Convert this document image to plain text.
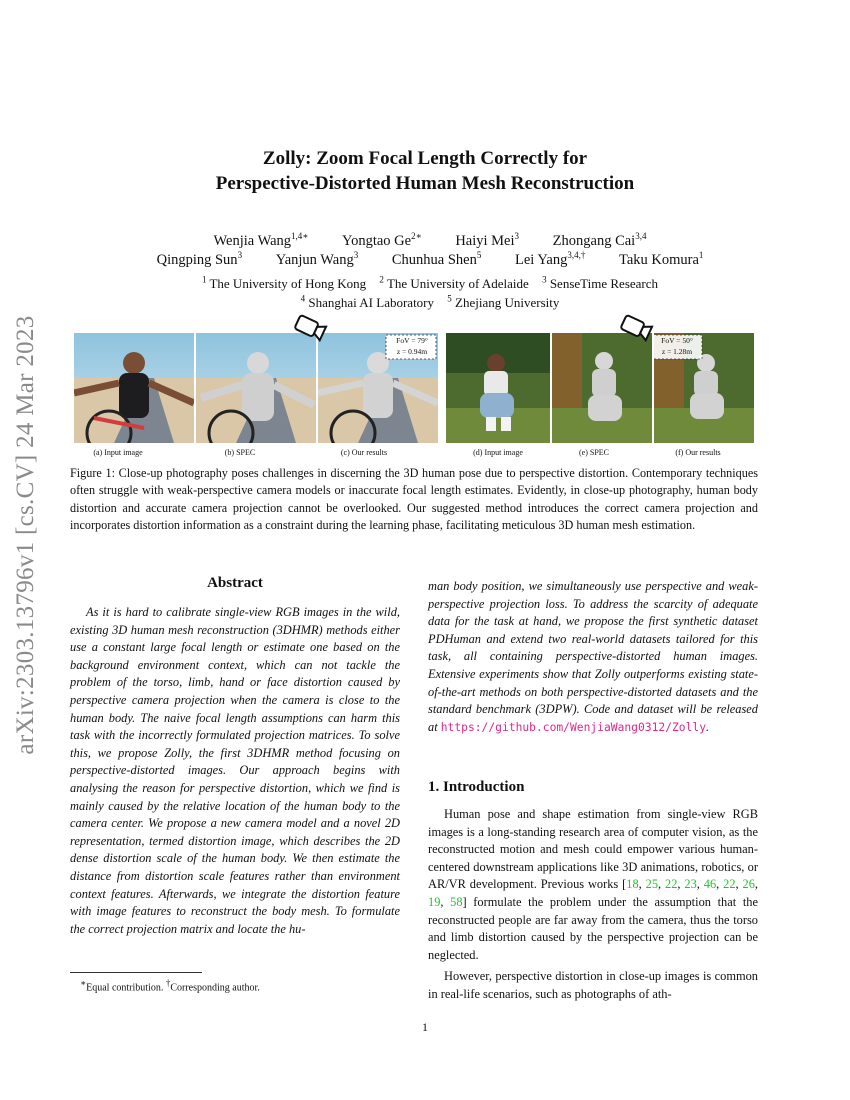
arXiv:2303.13796v1 [cs.CV] 24 Mar 2023
Zolly: Zoom Focal Length Correctly for
Perspective-Distorted Human Mesh Reconstruction
Wenjia Wang$^{1,4∗}$ Yongtao $Ge^{2∗}$ Haiyi Mei$^3$ Zhongang Cai$^{3,4}$
Qingping Sun$^3$ Yanjun Wang$^3$ Chunhua Shen$^5$ Lei Yang$^{3,4,\dagger}$ Taku Komura$^1$
$^1$ The University of Hong Kong $^2$ The University of Adelaide $^3$ SenseTime Research
$^4$ Shanghai AI Laboratory $^5$ Zhejiang University
FoV = 79°
z = 0.94m
FoV = 50°
z = 1.28m
(a) Input image	(b) SPEC	(c) Our results	(d) Input image	(e) SPEC	(f) Our results
Figure 1: Close-up photography poses challenges in discerning the 3D human pose due to perspective distortion. Contemporary techniques often struggle with weak-perspective camera models or inaccurate focal length estimates. Evidently, in close-up photography, human body distortion and accurate camera projection cannot be overlooked. Our suggested method introduces the correct camera projection and incorporates distortion information as a constraint during the learning phase, facilitating meticulous 3D human mesh estimation.
Abstract

As it is hard to calibrate single-view RGB images in the wild, existing 3D human mesh reconstruction (3DHMR) methods either use a constant large focal length or estimate one based on the background environment context, which can not tackle the problem of the torso, limb, hand or face distortion caused by perspective camera projection when the camera is close to the human body. The naive focal length assumptions can harm this task with the incorrectly formulated projection matrices. To solve this, we propose Zolly, the first 3DHMR method focusing on perspective-distorted images. Our approach begins with analysing the reason for perspective distortion, which we find is mainly caused by the relative location of the human body to the camera center. We propose a new camera model and a novel 2D representation, termed distortion image, which describes the 2D dense distortion scale of the human body. We then estimate the distance from distortion scale features rather than environment context features. Afterwards, we integrate the distortion feature with image features to reconstruct the body mesh. To formulate the correct projection matrix and locate the hu-

man body position, we simultaneously use perspective and weak-perspective projection loss. To address the scarcity of adequate data for the task at hand, we propose the first synthetic dataset PDHuman and extend two real-world datasets tailored for this task, all containing perspective-distorted human images. Extensive experiments show that Zolly outperforms existing state-of-the-art methods on both perspective-distorted datasets and the standard benchmark (3DPW). Code and dataset will be released at https://github.com/WenjiaWang0312/Zolly.
1. Introduction

Human pose and shape estimation from single-view RGB images is a long-standing research area of computer vision, as the reconstructed motion and mesh could empower various human-centered downstream applications like 3D animations, robotics, or AR/VR development. Previous works [18, 25, 22, 23, 46, 22, 26, 19, 58] formulate the problem under the assumption that the reconstructed people are far away from the camera, thus the torso and limb distortion caused by the perspective projection can be neglected.

However, perspective distortion in close-up images is common in real-life scenarios, such as photographs of ath-

∗Equal contribution. †Corresponding author.
1
